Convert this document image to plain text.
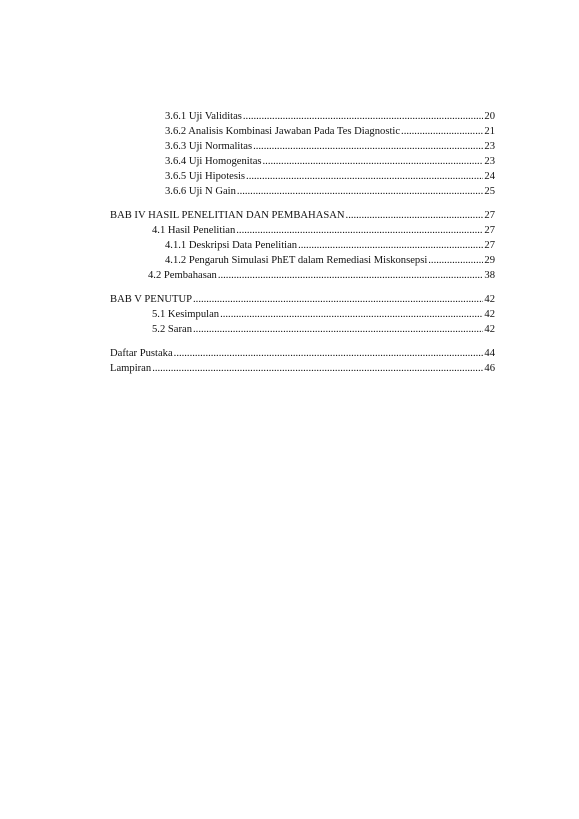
3.6.1 Uji Validitas .....	20
3.6.2 Analisis Kombinasi Jawaban Pada Tes Diagnostic .....	21
3.6.3 Uji Normalitas .....	23
3.6.4 Uji Homogenitas .....	23
3.6.5 Uji Hipotesis .....	24
3.6.6 Uji N Gain .....	25
BAB IV HASIL PENELITIAN DAN PEMBAHASAN .....	27
4.1 Hasil Penelitian .....	27
4.1.1 Deskripsi Data Penelitian .....	27
4.1.2 Pengaruh Simulasi PhET dalam Remediasi Miskonsepsi .....	29
4.2 Pembahasan .....	38
BAB V PENUTUP .....	42
5.1 Kesimpulan .....	42
5.2 Saran .....	42
Daftar Pustaka .....	44
Lampiran .....	46
